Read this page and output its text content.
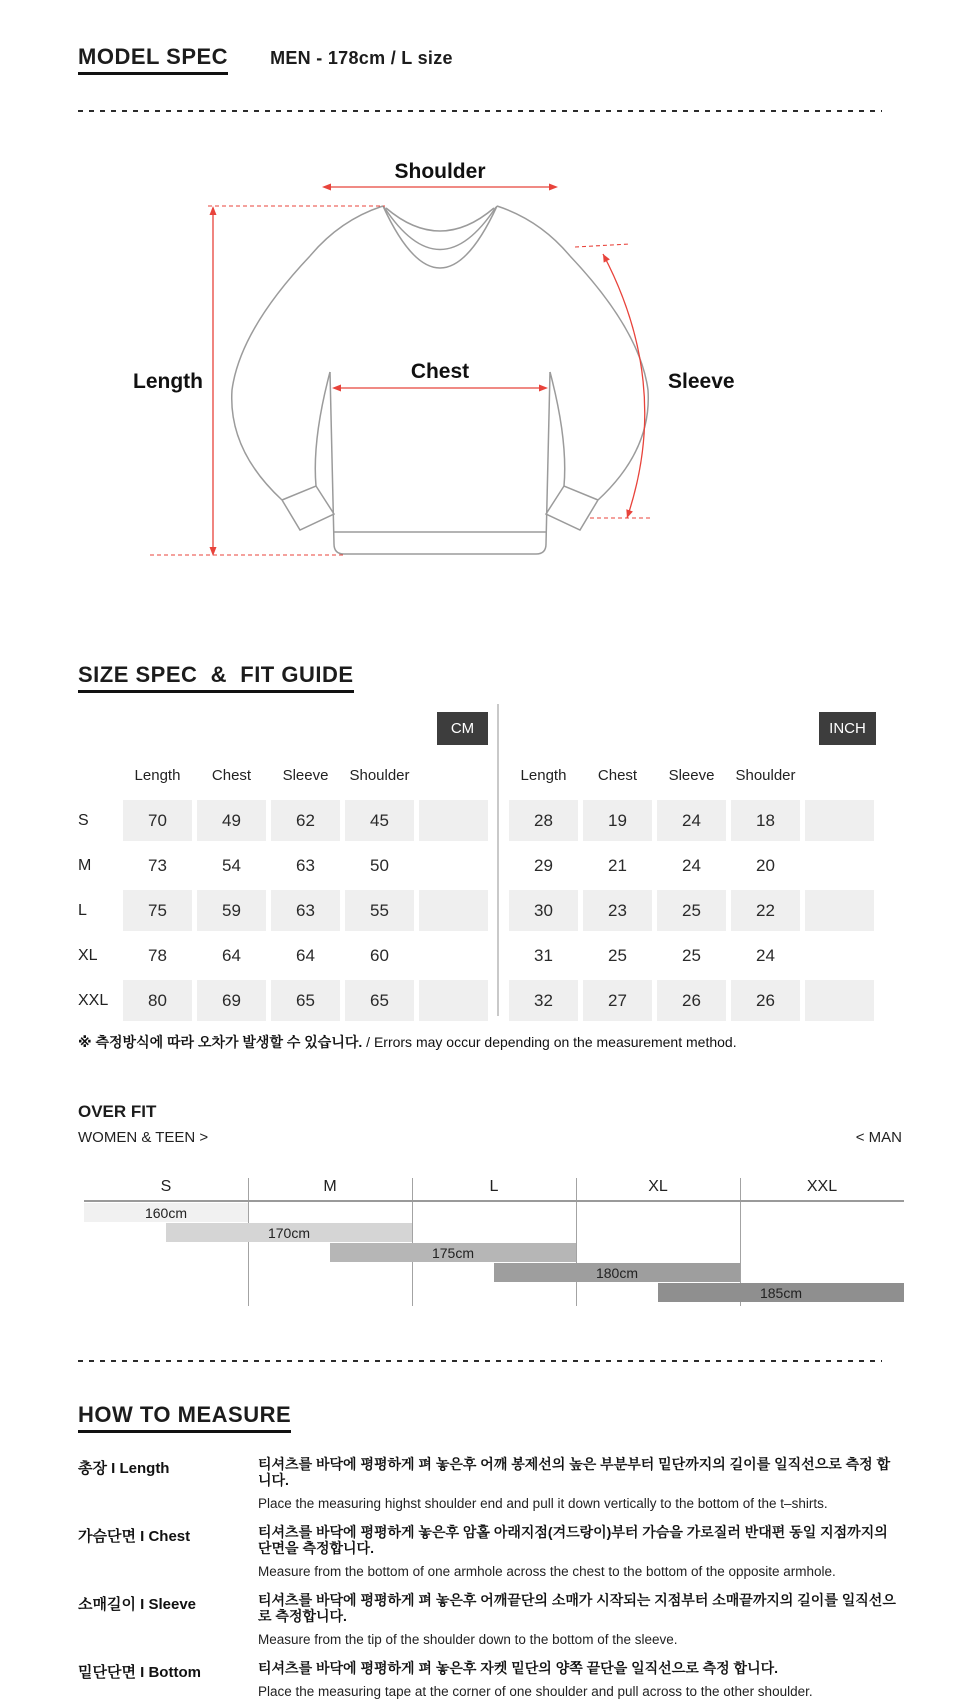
MODEL SPEC MEN - 178cm / L size
Shoulder
Length	Chest	Sleeve
SIZE SPEC  &  FIT GUIDE
CM	INCH
Length	Chest	Sleeve	Shoulder
S	70	49	62	45
M	73	54	63	50
L	75	59	63	55
XL	78	64	64	60
XXL	80	69	65	65
Length	Chest	Sleeve	Shoulder
28	19	24	18
29	21	24	20
30	23	25	22
31	25	25	24
32	27	26	26
※ 측정방식에 따라 오차가 발생할 수 있습니다. / Errors may occur depending on the measurement method.
OVER FIT
WOMEN & TEEN >	< MAN
S	M	L	XL	XXL
160cm
170cm
175cm
180cm
185cm
HOW TO MEASURE
총장 I Length	티셔츠를 바닥에 평평하게 펴 놓은후 어깨 봉제선의 높은 부분부터 밑단까지의 길이를 일직선으로 측정 합니다.
Place the measuring highst shoulder end and pull it down vertically to the bottom of the t–shirts.
가슴단면 I Chest	티셔츠를 바닥에 평평하게 놓은후 암홀 아래지점(겨드랑이)부터 가슴을 가로질러 반대편 동일 지점까지의 단면을 측정합니다.
Measure from the bottom of one armhole across the chest to the bottom of the opposite armhole.
소매길이 I Sleeve	티셔츠를 바닥에 평평하게 펴 놓은후 어깨끝단의 소매가 시작되는 지점부터 소매끝까지의 길이를 일직선으로 측정합니다.
Measure from the tip of the shoulder down to the bottom of the sleeve.
밑단단면 I Bottom	티셔츠를 바닥에 평평하게 펴 놓은후 자켓 밑단의 양쪽 끝단을 일직선으로 측정 합니다.
Place the measuring tape at the corner of one shoulder and pull across to the other shoulder.
